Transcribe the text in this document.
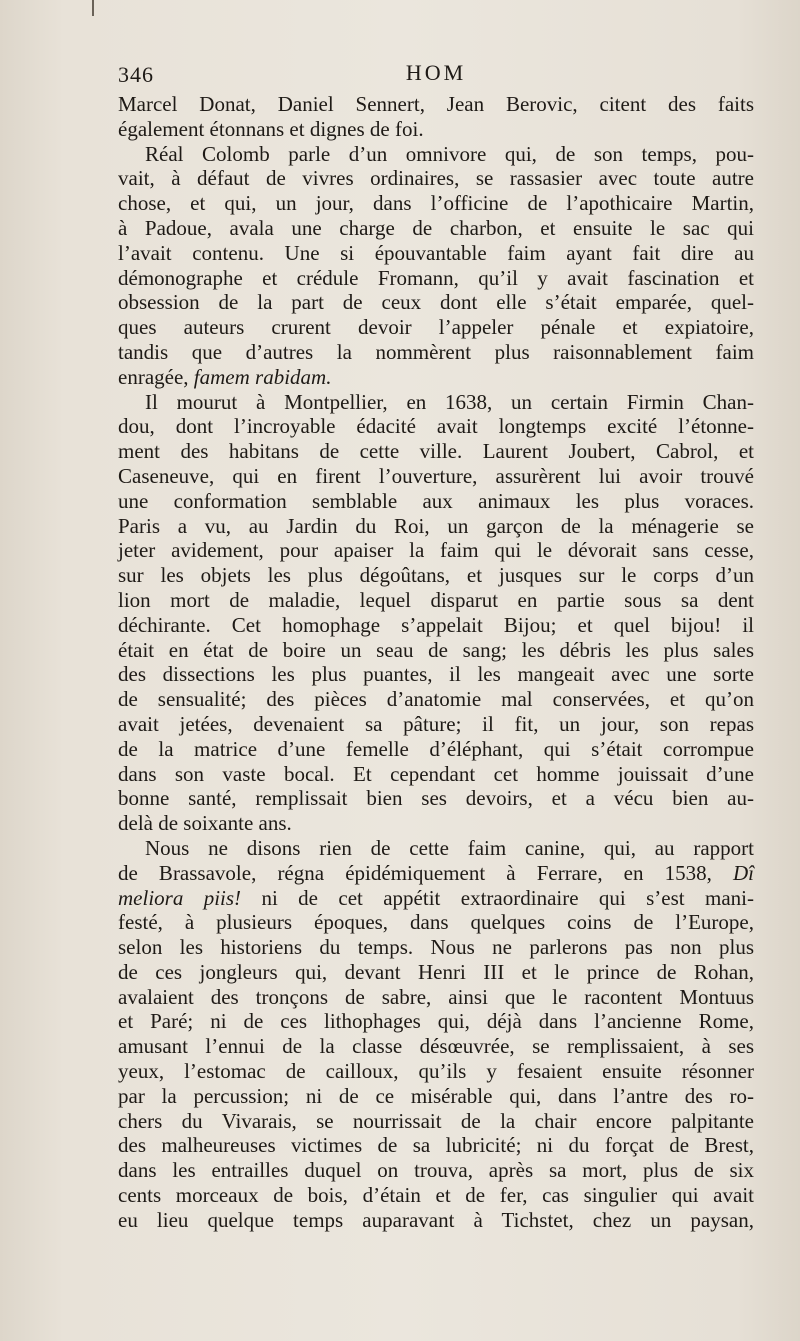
346	HOM
Marcel Donat, Daniel Sennert, Jean Berovic, citent des faits
également étonnans et dignes de foi.
Réal Colomb parle d’un omnivore qui, de son temps, pou-
vait, à défaut de vivres ordinaires, se rassasier avec toute autre
chose, et qui, un jour, dans l’officine de l’apothicaire Martin,
à Padoue, avala une charge de charbon, et ensuite le sac qui
l’avait contenu. Une si épouvantable faim ayant fait dire au
démonographe et crédule Fromann, qu’il y avait fascination et
obsession de la part de ceux dont elle s’était emparée, quel-
ques auteurs crurent devoir l’appeler pénale et expiatoire,
tandis que d’autres la nommèrent plus raisonnablement faim
enragée, famem rabidam.
Il mourut à Montpellier, en 1638, un certain Firmin Chan-
dou, dont l’incroyable édacité avait longtemps excité l’étonne-
ment des habitans de cette ville. Laurent Joubert, Cabrol, et
Caseneuve, qui en firent l’ouverture, assurèrent lui avoir trouvé
une conformation semblable aux animaux les plus voraces.
Paris a vu, au Jardin du Roi, un garçon de la ménagerie se
jeter avidement, pour apaiser la faim qui le dévorait sans cesse,
sur les objets les plus dégoûtans, et jusques sur le corps d’un
lion mort de maladie, lequel disparut en partie sous sa dent
déchirante. Cet homophage s’appelait Bijou; et quel bijou! il
était en état de boire un seau de sang; les débris les plus sales
des dissections les plus puantes, il les mangeait avec une sorte
de sensualité; des pièces d’anatomie mal conservées, et qu’on
avait jetées, devenaient sa pâture; il fit, un jour, son repas
de la matrice d’une femelle d’éléphant, qui s’était corrompue
dans son vaste bocal. Et cependant cet homme jouissait d’une
bonne santé, remplissait bien ses devoirs, et a vécu bien au-
delà de soixante ans.
Nous ne disons rien de cette faim canine, qui, au rapport
de Brassavole, régna épidémiquement à Ferrare, en 1538, Dî
meliora piis! ni de cet appétit extraordinaire qui s’est mani-
festé, à plusieurs époques, dans quelques coins de l’Europe,
selon les historiens du temps. Nous ne parlerons pas non plus
de ces jongleurs qui, devant Henri III et le prince de Rohan,
avalaient des tronçons de sabre, ainsi que le racontent Montuus
et Paré; ni de ces lithophages qui, déjà dans l’ancienne Rome,
amusant l’ennui de la classe désœuvrée, se remplissaient, à ses
yeux, l’estomac de cailloux, qu’ils y fesaient ensuite résonner
par la percussion; ni de ce misérable qui, dans l’antre des ro-
chers du Vivarais, se nourrissait de la chair encore palpitante
des malheureuses victimes de sa lubricité; ni du forçat de Brest,
dans les entrailles duquel on trouva, après sa mort, plus de six
cents morceaux de bois, d’étain et de fer, cas singulier qui avait
eu lieu quelque temps auparavant à Tichstet, chez un paysan,
